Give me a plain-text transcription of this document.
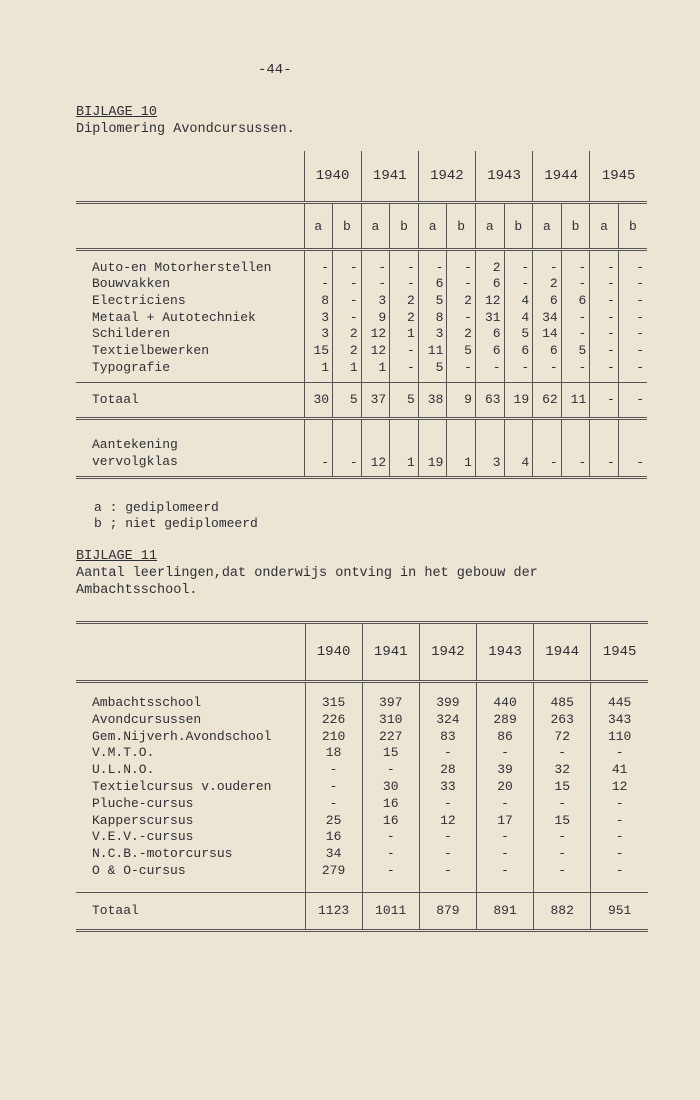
-44-
BIJLAGE 10
Diplomering Avondcursussen.
	1940		1941		1942		1943		1944		1945	
	a	b	a	b	a	b	a	b	a	b	a	b

Auto-en Motorherstellen	-	-	-	-	-	-	2	-	-	-	-	-
Bouwvakken	-	-	-	-	6	-	6	-	2	-	-	-
Electriciens	8	-	3	2	5	2	12	4	6	6	-	-
Metaal + Autotechniek	3	-	9	2	8	-	31	4	34	-	-	-
Schilderen	3	2	12	1	3	2	6	5	14	-	-	-
Textielbewerken	15	2	12	-	11	5	6	6	6	5	-	-
Typografie	1	1	1	-	5	-	-	-	-	-	-	-

Totaal	30	5	37	5	38	9	63	19	62	11	-	-

Aantekening
vervolgklas	-	-	12	1	19	1	3	4	-	-	-	-
a : gediplomeerd
b ; niet gediplomeerd
BIJLAGE 11
Aantal leerlingen,dat onderwijs ontving in het gebouw der Ambachtsschool.
	1940	1941	1942	1943	1944	1945

Ambachtsschool	315	397	399	440	485	445
Avondcursussen	226	310	324	289	263	343
Gem.Nijverh.Avondschool	210	227	83	86	72	110
V.M.T.O.	18	15	-	-	-	-
U.L.N.O.	-	-	28	39	32	41
Textielcursus v.ouderen	-	30	33	20	15	12
Pluche-cursus	-	16	-	-	-	-
Kapperscursus	25	16	12	17	15	-
V.E.V.-cursus	16	-	-	-	-	-
N.C.B.-motorcursus	34	-	-	-	-	-
O & O-cursus	279	-	-	-	-	-

Totaal	1123	1011	879	891	882	951
